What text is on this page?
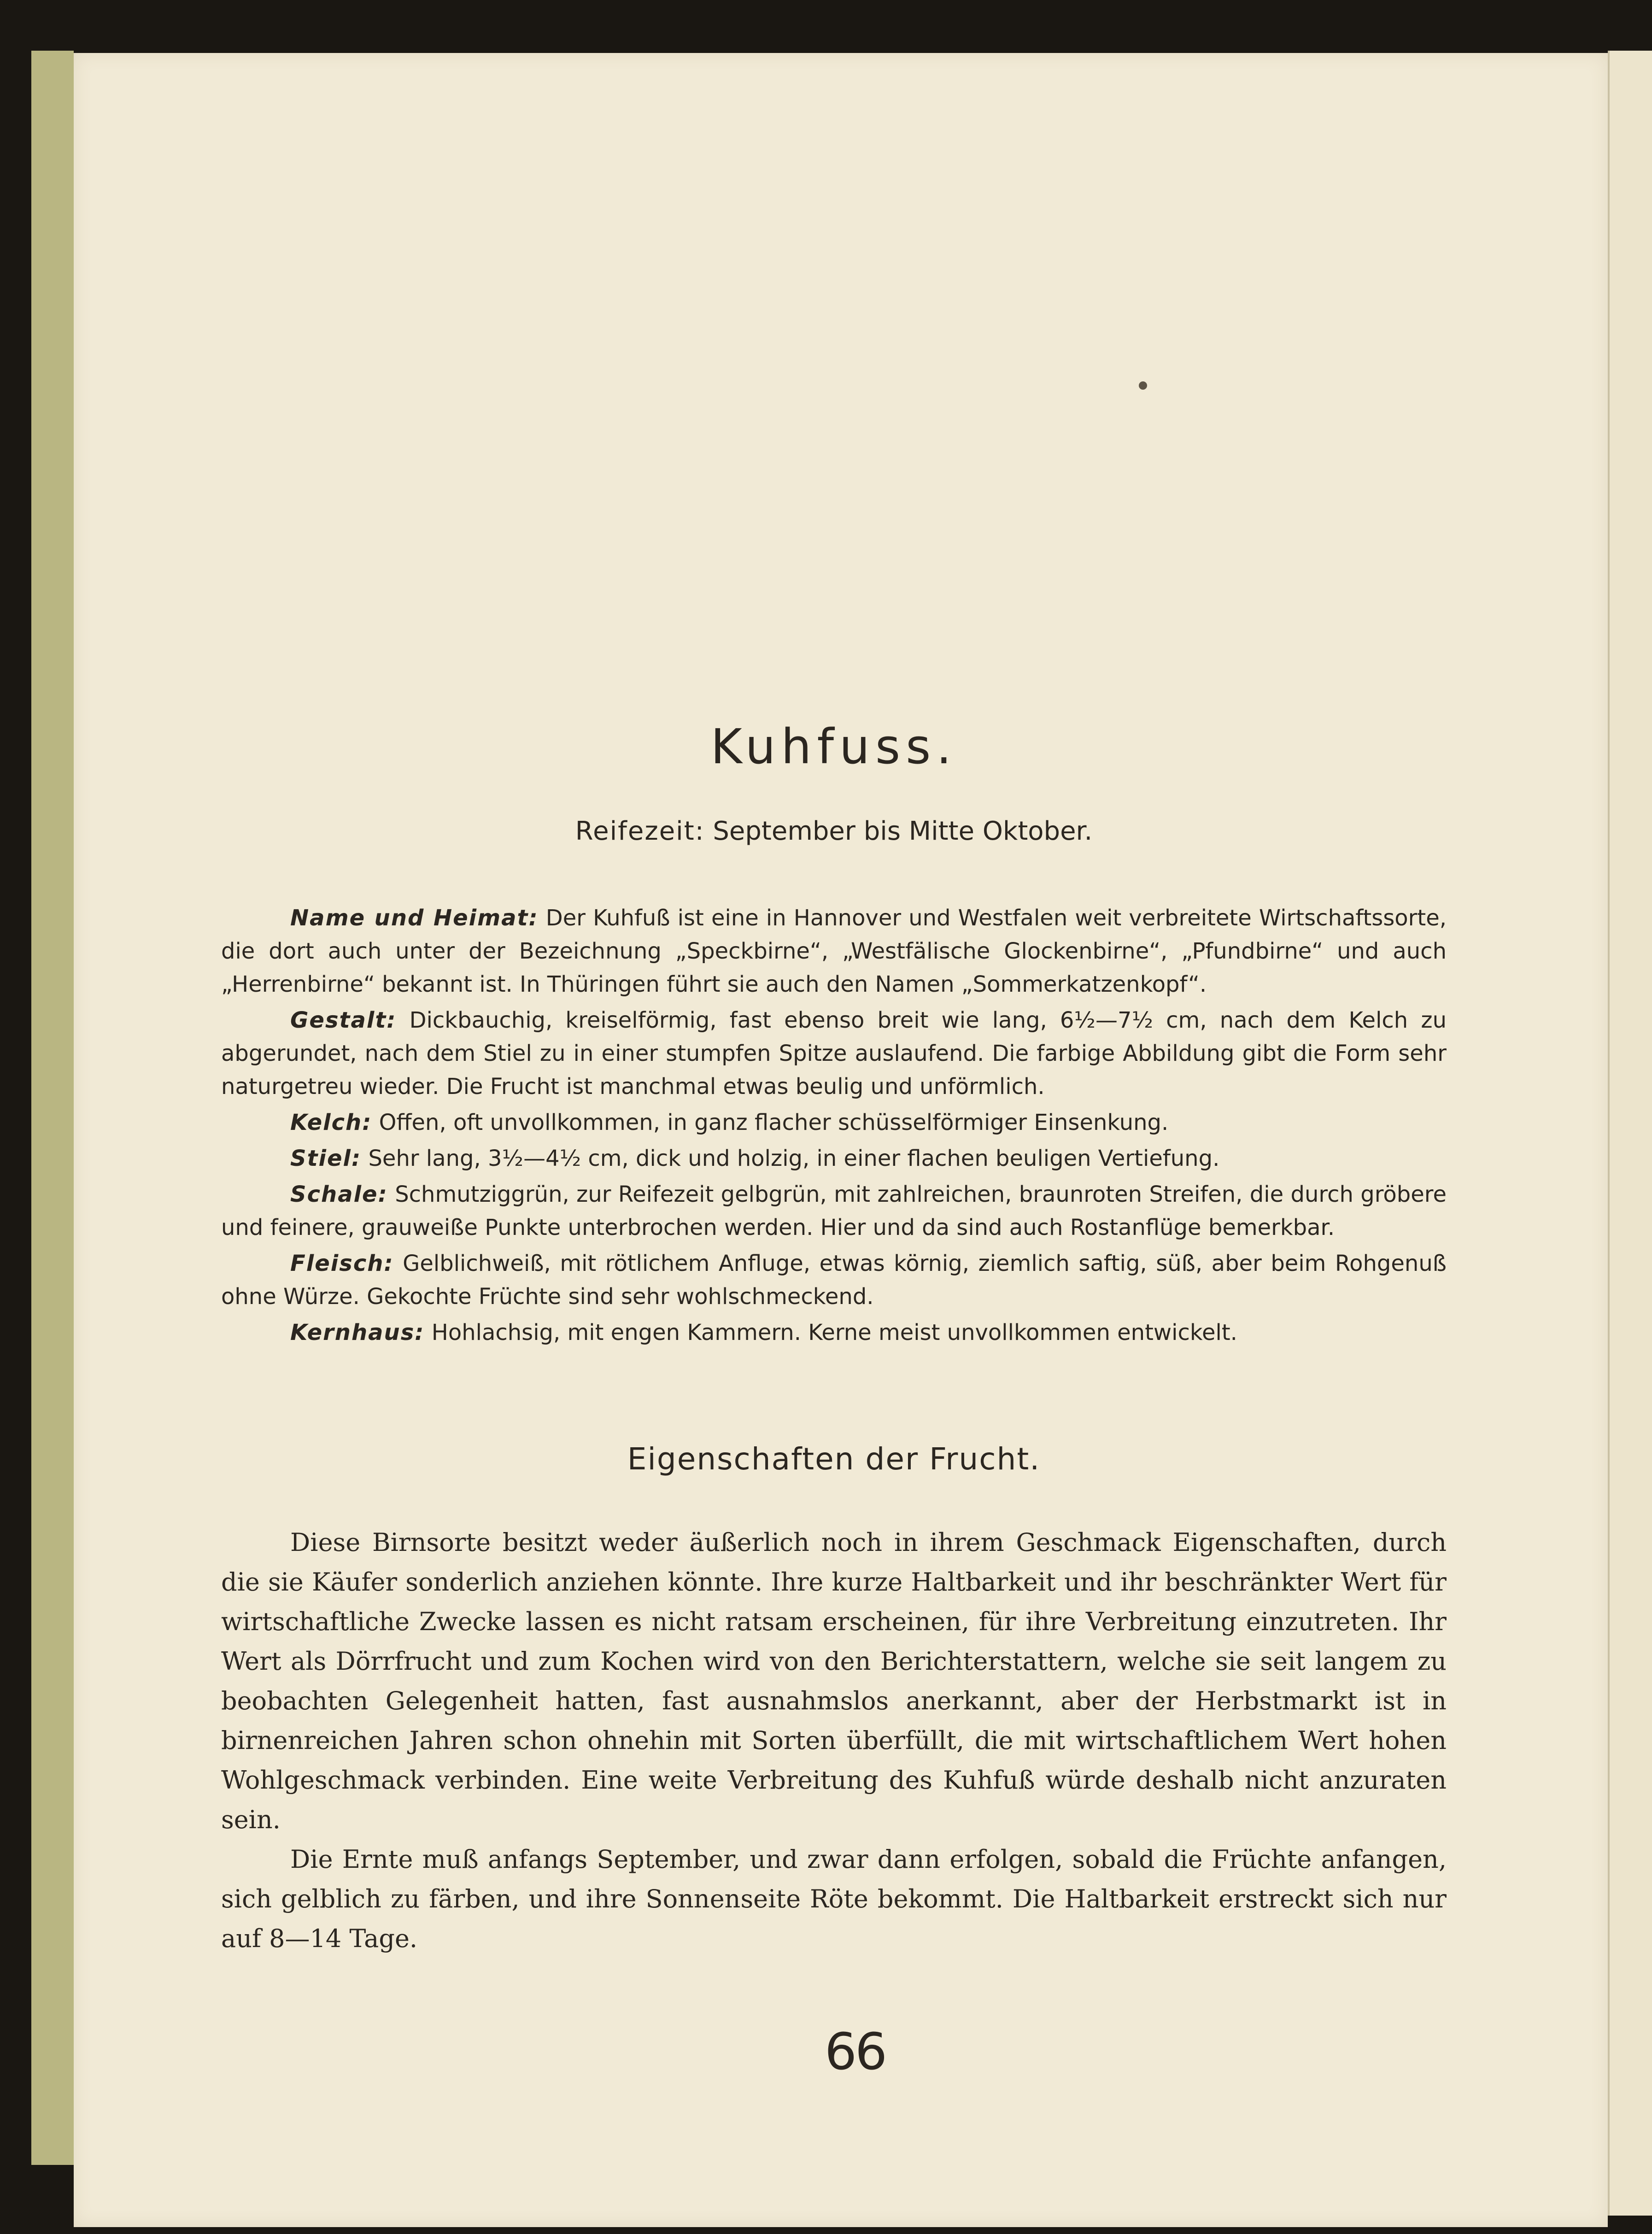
Kuhfuss.
Reifezeit: September bis Mitte Oktober.

Name und Heimat: Der Kuhfuß ist eine in Hannover und Westfalen weit verbreitete Wirtschaftssorte, die dort auch unter der Bezeichnung „Speckbirne“, „Westfälische Glockenbirne“, „Pfundbirne“ und auch „Herrenbirne“ bekannt ist. In Thüringen führt sie auch den Namen „Sommerkatzenkopf“.

Gestalt: Dickbauchig, kreiselförmig, fast ebenso breit wie lang, 6½—7½ cm, nach dem Kelch zu abgerundet, nach dem Stiel zu in einer stumpfen Spitze auslaufend. Die farbige Abbildung gibt die Form sehr naturgetreu wieder. Die Frucht ist manchmal etwas beulig und unförmlich.

Kelch: Offen, oft unvollkommen, in ganz flacher schüsselförmiger Einsenkung.

Stiel: Sehr lang, 3½—4½ cm, dick und holzig, in einer flachen beuligen Vertiefung.

Schale: Schmutziggrün, zur Reifezeit gelbgrün, mit zahlreichen, braunroten Streifen, die durch gröbere und feinere, grauweiße Punkte unterbrochen werden. Hier und da sind auch Rostanflüge bemerkbar.

Fleisch: Gelblichweiß, mit rötlichem Anfluge, etwas körnig, ziemlich saftig, süß, aber beim Rohgenuß ohne Würze. Gekochte Früchte sind sehr wohlschmeckend.

Kernhaus: Hohlachsig, mit engen Kammern. Kerne meist unvollkommen entwickelt.

Eigenschaften der Frucht.

Diese Birnsorte besitzt weder äußerlich noch in ihrem Geschmack Eigenschaften, durch die sie Käufer sonderlich anziehen könnte. Ihre kurze Haltbarkeit und ihr beschränkter Wert für wirtschaftliche Zwecke lassen es nicht ratsam erscheinen, für ihre Verbreitung einzutreten. Ihr Wert als Dörrfrucht und zum Kochen wird von den Berichterstattern, welche sie seit langem zu beobachten Gelegenheit hatten, fast ausnahmslos anerkannt, aber der Herbstmarkt ist in birnenreichen Jahren schon ohnehin mit Sorten überfüllt, die mit wirtschaftlichem Wert hohen Wohlgeschmack verbinden. Eine weite Verbreitung des Kuhfuß würde deshalb nicht anzuraten sein.

Die Ernte muß anfangs September, und zwar dann erfolgen, sobald die Früchte anfangen, sich gelblich zu färben, und ihre Sonnenseite Röte bekommt. Die Haltbarkeit erstreckt sich nur auf 8—14 Tage.

66
